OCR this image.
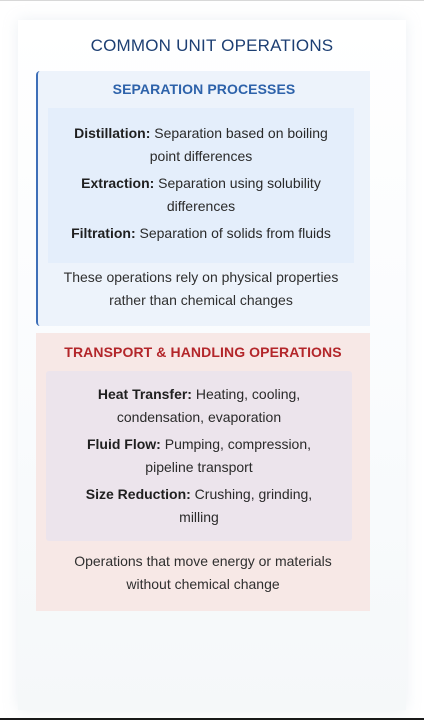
COMMON UNIT OPERATIONS
SEPARATION PROCESSES
Distillation: Separation based on boiling point differences
Extraction: Separation using solubility differences
Filtration: Separation of solids from fluids
These operations rely on physical properties rather than chemical changes
TRANSPORT & HANDLING OPERATIONS
Heat Transfer: Heating, cooling, condensation, evaporation
Fluid Flow: Pumping, compression, pipeline transport
Size Reduction: Crushing, grinding, milling
Operations that move energy or materials without chemical change
